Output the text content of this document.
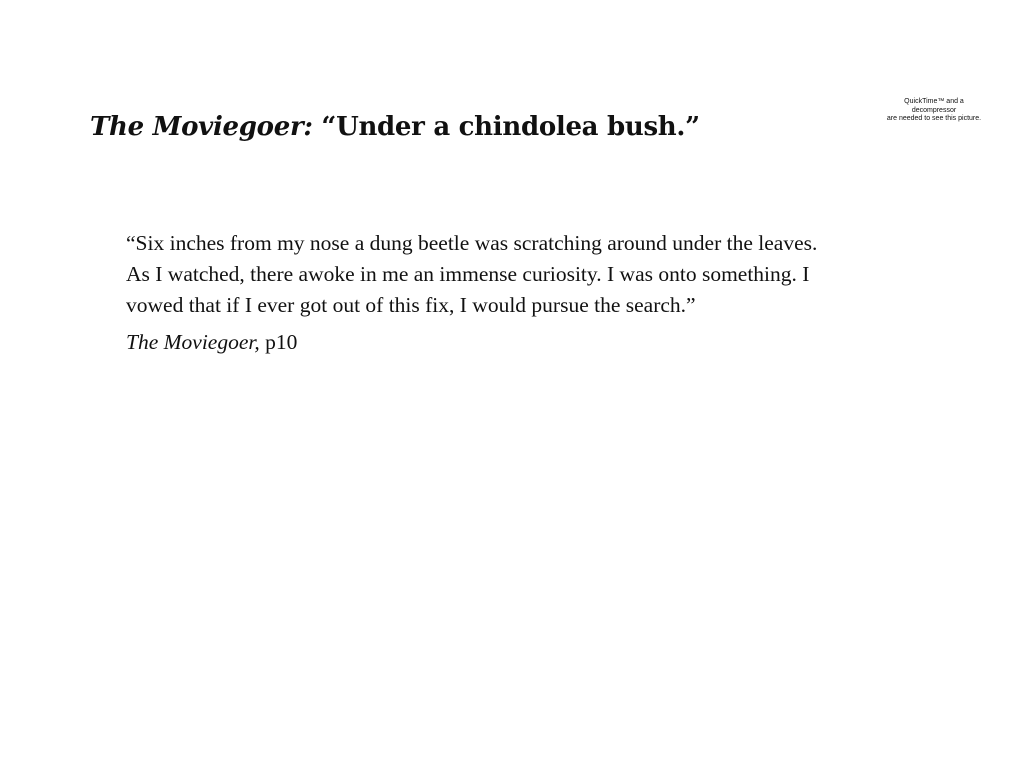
QuickTime™ and a
decompressor
are needed to see this picture.
The Moviegoer: “Under a chindolea bush.”
“Six inches from my nose a dung beetle was scratching around under the leaves.
As I watched, there awoke in me an immense curiosity. I was onto something. I
vowed that if I ever got out of this fix, I would pursue the search.”
The Moviegoer, p10
